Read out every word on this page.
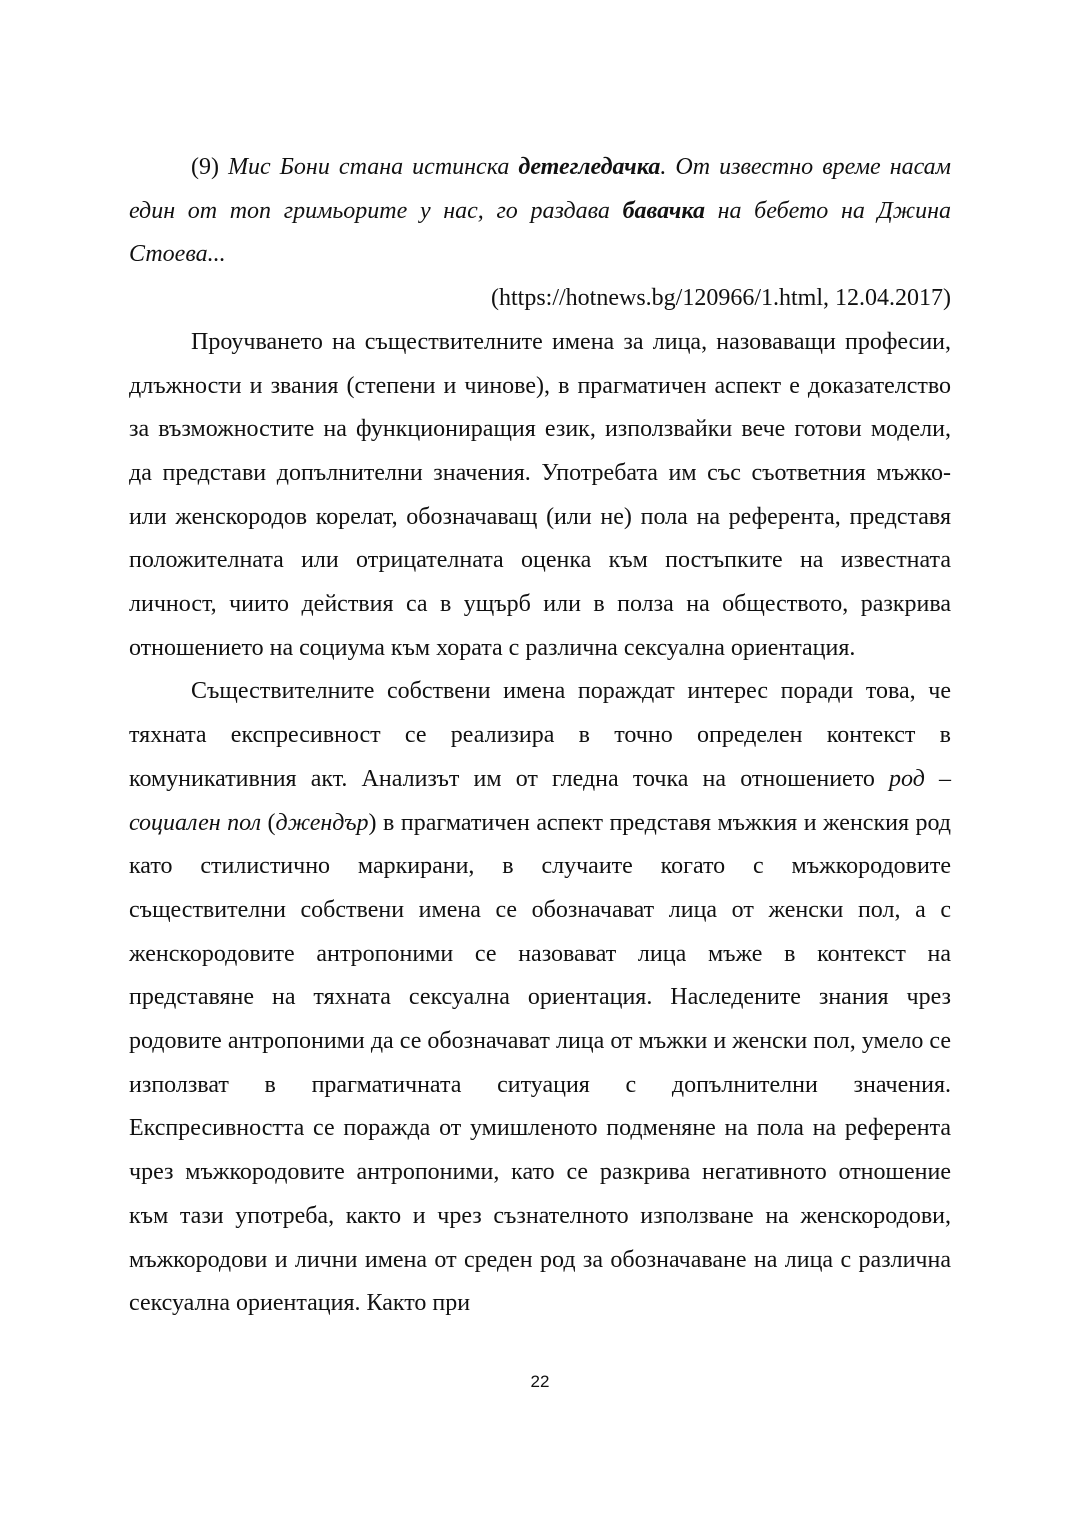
(9) Мис Бони стана истинска детегледачка. От известно време насам един от топ гримьорите у нас, го раздава бавачка на бебето на Джина Стоева...

(https://hotnews.bg/120966/1.html, 12.04.2017)

Проучването на съществителните имена за лица, назоваващи професии, длъжности и звания (степени и чинове), в прагматичен аспект е доказателство за възможностите на функциониращия език, използвайки вече готови модели, да представи допълнителни значения. Употребата им със съответния мъжко- или женскородов корелат, обозначаващ (или не) пола на референта, представя положителната или отрицателната оценка към постъпките на известната личност, чиито действия са в ущърб или в полза на обществото, разкрива отношението на социума към хората с различна сексуална ориентация.

Съществителните собствени имена пораждат интерес поради това, че тяхната експресивност се реализира в точно определен контекст в комуникативния акт. Анализът им от гледна точка на отношението род – социален пол (джендър) в прагматичен аспект представя мъжкия и женския род като стилистично маркирани, в случаите когато с мъжкородовите съществителни собствени имена се обозначават лица от женски пол, а с женскородовите антропоними се назовават лица мъже в контекст на представяне на тяхната сексуална ориентация. Наследените знания чрез родовите антропоними да се обозначават лица от мъжки и женски пол, умело се използват в прагматичната ситуация с допълнителни значения. Експресивността се поражда от умишленото подменяне на пола на референта чрез мъжкородовите антропоними, като се разкрива негативното отношение към тази употреба, както и чрез съзнателното използване на женскородови, мъжкородови и лични имена от среден род за обозначаване на лица с различна сексуална ориентация. Както при

22
